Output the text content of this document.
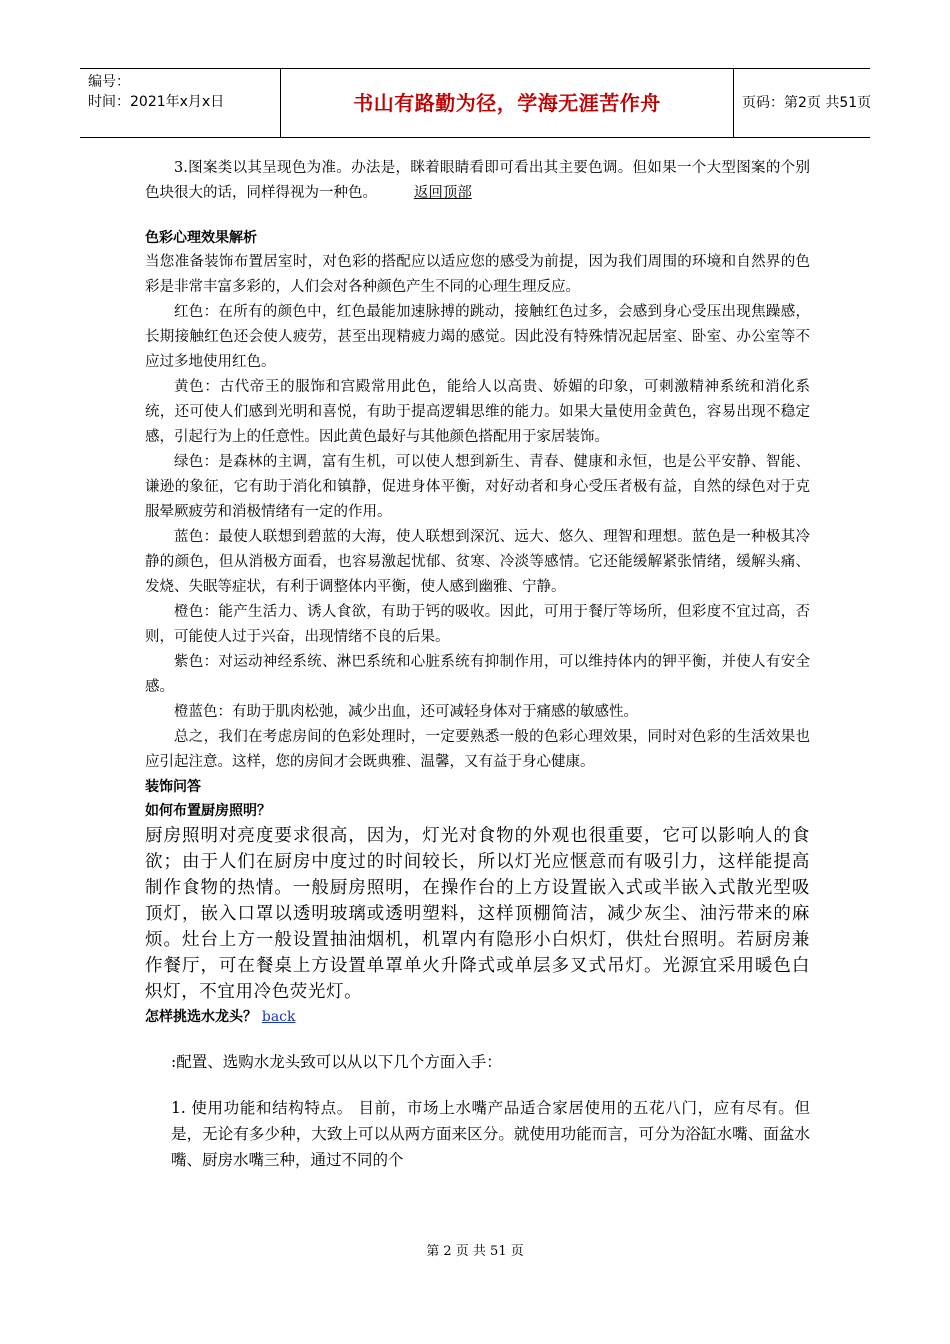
编号：
时间：2021年x月x日	书山有路勤为径，学海无涯苦作舟	页码：第2页 共51页

3.图案类以其呈现色为准。办法是，眯着眼睛看即可看出其主要色调。但如果一个大型图案的个别色块很大的话，同样得视为一种色。	返回顶部

色彩心理效果解析

当您准备装饰布置居室时，对色彩的搭配应以适应您的感受为前提，因为我们周围的环境和自然界的色彩是非常丰富多彩的，人们会对各种颜色产生不同的心理生理反应。

红色：在所有的颜色中，红色最能加速脉搏的跳动，接触红色过多，会感到身心受压出现焦躁感，长期接触红色还会使人疲劳，甚至出现精疲力竭的感觉。因此没有特殊情况起居室、卧室、办公室等不应过多地使用红色。

黄色：古代帝王的服饰和宫殿常用此色，能给人以高贵、娇媚的印象，可刺激精神系统和消化系统，还可使人们感到光明和喜悦，有助于提高逻辑思维的能力。如果大量使用金黄色，容易出现不稳定感，引起行为上的任意性。因此黄色最好与其他颜色搭配用于家居装饰。

绿色：是森林的主调，富有生机，可以使人想到新生、青春、健康和永恒，也是公平安静、智能、谦逊的象征，它有助于消化和镇静，促进身体平衡，对好动者和身心受压者极有益，自然的绿色对于克服晕厥疲劳和消极情绪有一定的作用。

蓝色：最使人联想到碧蓝的大海，使人联想到深沉、远大、悠久、理智和理想。蓝色是一种极其冷静的颜色，但从消极方面看，也容易激起忧郁、贫寒、冷淡等感情。它还能缓解紧张情绪，缓解头痛、发烧、失眠等症状，有利于调整体内平衡，使人感到幽雅、宁静。

橙色：能产生活力、诱人食欲，有助于钙的吸收。因此，可用于餐厅等场所，但彩度不宜过高，否则，可能使人过于兴奋，出现情绪不良的后果。

紫色：对运动神经系统、淋巴系统和心脏系统有抑制作用，可以维持体内的钾平衡，并使人有安全感。

橙蓝色：有助于肌肉松弛，减少出血，还可减轻身体对于痛感的敏感性。

总之，我们在考虑房间的色彩处理时，一定要熟悉一般的色彩心理效果，同时对色彩的生活效果也应引起注意。这样，您的房间才会既典雅、温馨，又有益于身心健康。

装饰问答

如何布置厨房照明？

厨房照明对亮度要求很高，因为，灯光对食物的外观也很重要，它可以影响人的食欲；由于人们在厨房中度过的时间较长，所以灯光应惬意而有吸引力，这样能提高制作食物的热情。一般厨房照明，在操作台的上方设置嵌入式或半嵌入式散光型吸顶灯，嵌入口罩以透明玻璃或透明塑料，这样顶棚简洁，减少灰尘、油污带来的麻烦。灶台上方一般设置抽油烟机，机罩内有隐形小白炽灯，供灶台照明。若厨房兼作餐厅，可在餐桌上方设置单罩单火升降式或单层多叉式吊灯。光源宜采用暖色白炽灯，不宜用冷色荧光灯。

怎样挑选水龙头？ back

:配置、选购水龙头致可以从以下几个方面入手：

1. 使用功能和结构特点。 目前，市场上水嘴产品适合家居使用的五花八门，应有尽有。但是，无论有多少种，大致上可以从两方面来区分。就使用功能而言，可分为浴缸水嘴、面盆水嘴、厨房水嘴三种，通过不同的个

第 2 页 共 51 页
